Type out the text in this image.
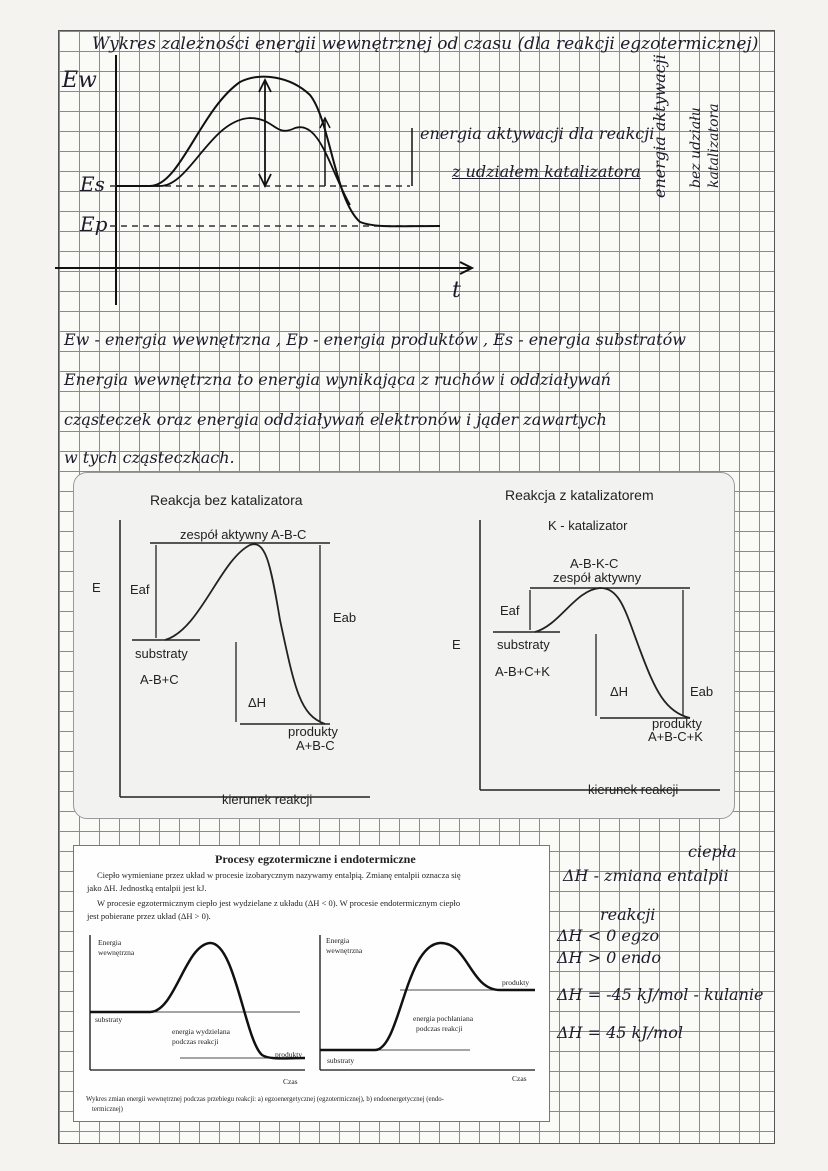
Wykres zależności energii wewnętrznej od czasu (dla reakcji egzotermicznej)
Ew
Es
Ep
t
energia aktywacji dla reakcji
z udziałem katalizatora energia aktywacji bez udziału katalizatora
Ew - energia wewnętrzna , Ep - energia produktów , Es - energia substratów
Energia wewnętrzna to energia wynikająca z ruchów i oddziaływań
cząsteczek oraz energia oddziaływań elektronów i jąder zawartych
w tych cząsteczkach.
Reakcja bez katalizatora
zespół aktywny A-B-C
E Eaf
Eab
substraty
A-B+C
ΔH
produkty
A+B-C
kierunek reakcji
Reakcja z katalizatorem
K - katalizator
A-B-K-C
zespół aktywny
E
Eaf
Eab
substraty
A-B+C+K
ΔH
produkty
A+B-C+K
kierunek reakcji
Procesy egzotermiczne i endotermiczne
Ciepło wymieniane przez układ w procesie izobarycznym nazywamy entalpią. Zmianę entalpii oznacza się
jako ΔH. Jednostką entalpii jest kJ.
W procesie egzotermicznym ciepło jest wydzielane z układu (ΔH < 0). W procesie endotermicznym ciepło
jest pobierane przez układ (ΔH > 0).
Energia
wewnętrzna
substraty
energia wydzielana
podczas reakcji
produkty
Czas
Energia
wewnętrzna
produkty
energia pochłaniana
podczas reakcji
substraty
Czas
Wykres zmian energii wewnętrznej podczas przebiegu reakcji: a) egzoenergetycznej (egzotermicznej), b) endoenergetycznej (endo-
termicznej)
ciepła
ΔH - zmiana entalpii
reakcji
ΔH < 0 egzo
ΔH > 0 endo
ΔH = -45 kJ/mol - kulanie
ΔH = 45 kJ/mol
